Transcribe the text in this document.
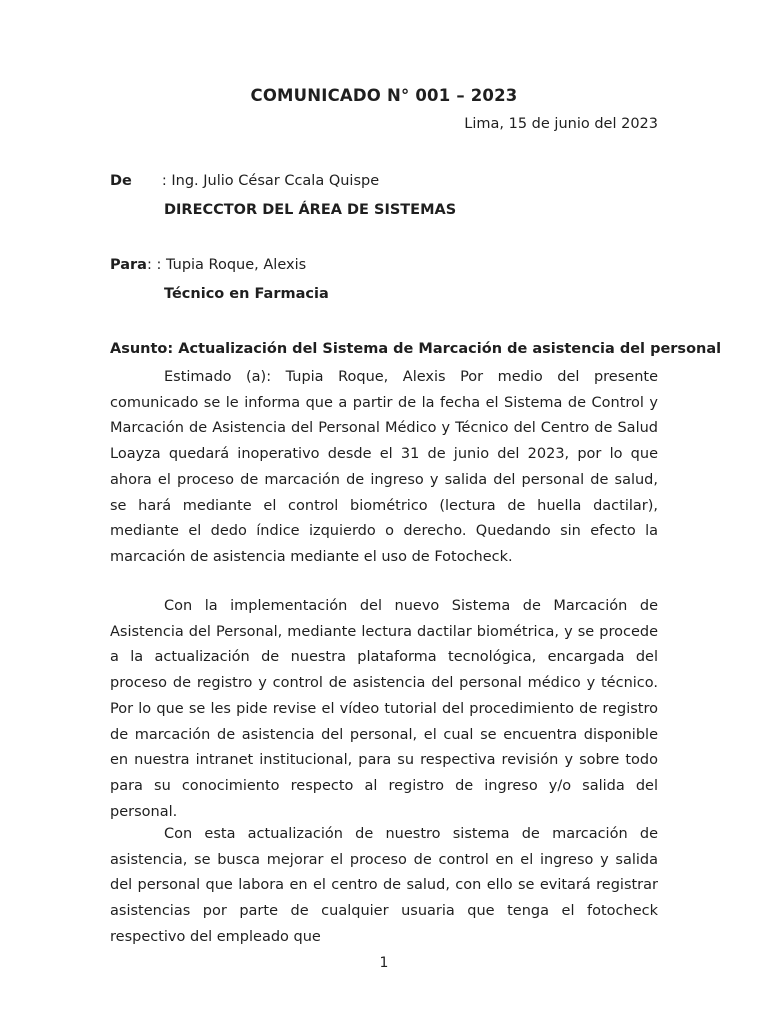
COMUNICADO N° 001 – 2023
Lima, 15 de junio del 2023
De : Ing. Julio César Ccala Quispe
DIRECCTOR DEL ÁREA DE SISTEMAS
Para: : Tupia Roque, Alexis
Técnico en Farmacia
Asunto: Actualización del Sistema de Marcación de asistencia del personal

Estimado (a): Tupia Roque, Alexis Por medio del presente comunicado se le informa que a partir de la fecha el Sistema de Control y Marcación de Asistencia del Personal Médico y Técnico del Centro de Salud Loayza quedará inoperativo desde el 31 de junio del 2023, por lo que ahora el proceso de marcación de ingreso y salida del personal de salud, se hará mediante el control biométrico (lectura de huella dactilar), mediante el dedo índice izquierdo o derecho. Quedando sin efecto la marcación de asistencia mediante el uso de Fotocheck.

Con la implementación del nuevo Sistema de Marcación de Asistencia del Personal, mediante lectura dactilar biométrica, y se procede a la actualización de nuestra plataforma tecnológica, encargada del proceso de registro y control de asistencia del personal médico y técnico. Por lo que se les pide revise el vídeo tutorial del procedimiento de registro de marcación de asistencia del personal, el cual se encuentra disponible en nuestra intranet institucional, para su respectiva revisión y sobre todo para su conocimiento respecto al registro de ingreso y/o salida del personal.

Con esta actualización de nuestro sistema de marcación de asistencia, se busca mejorar el proceso de control en el ingreso y salida del personal que labora en el centro de salud, con ello se evitará registrar asistencias por parte de cualquier usuaria que tenga el fotocheck respectivo del empleado que

1
